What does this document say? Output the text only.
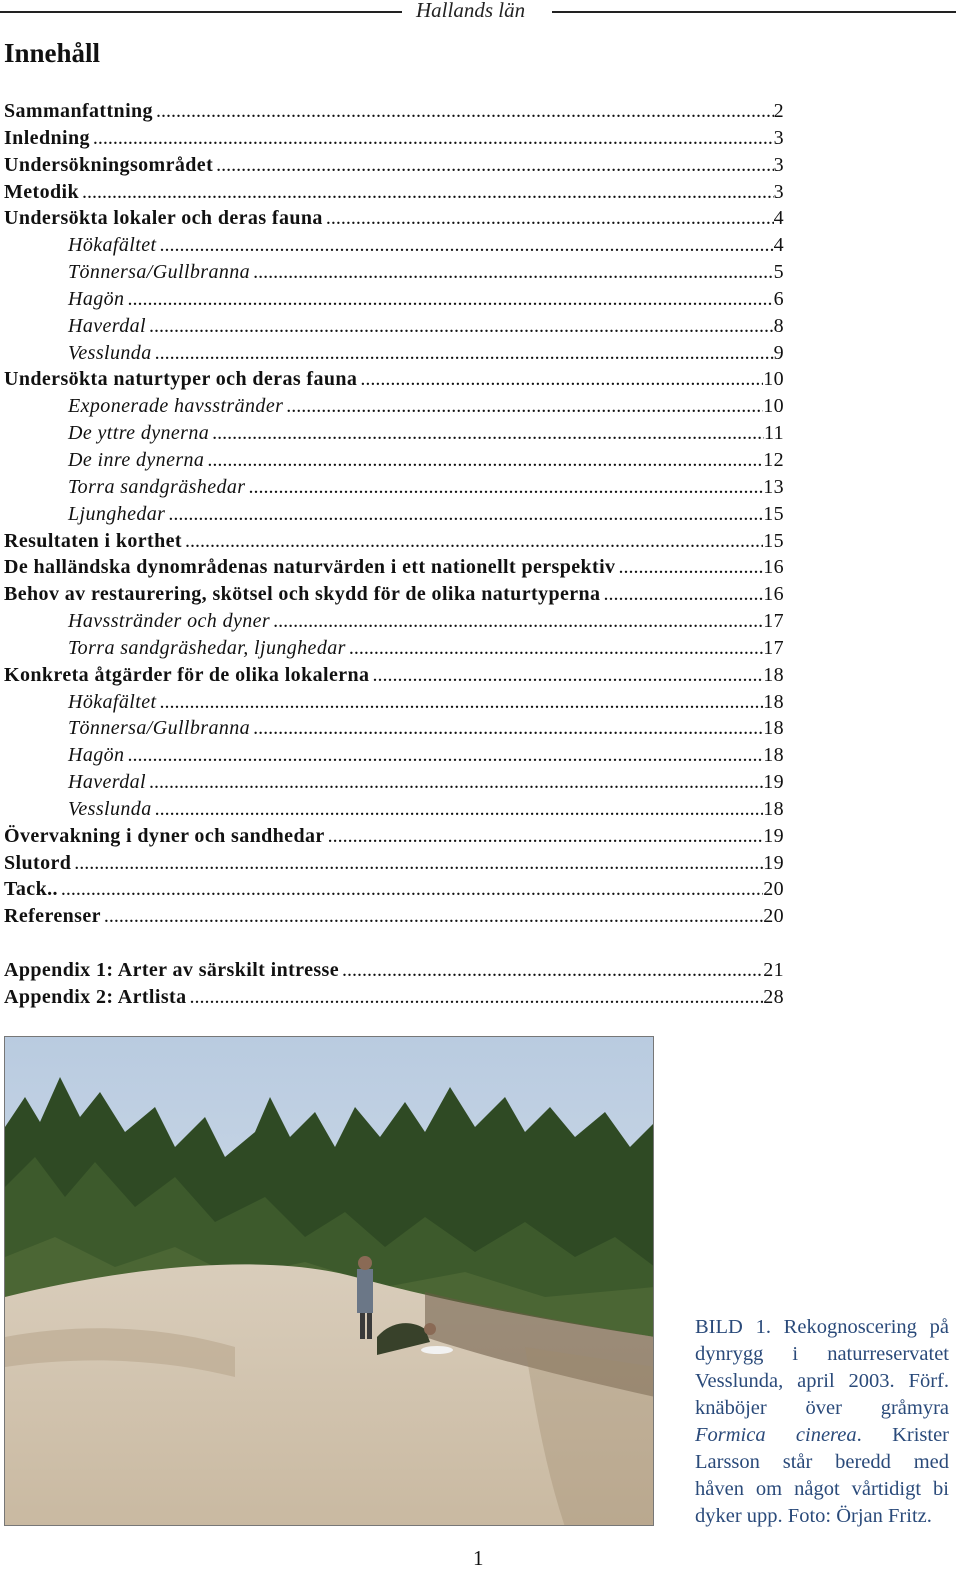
Hallands län
Innehåll
Sammanfattning .....	2
Inledning .....	3
Undersökningsområdet .....	3
Metodik .....	3
Undersökta lokaler och deras fauna .....	4
Hökafältet .....	4
Tönnersa/Gullbranna .....	5
Hagön .....	6
Haverdal .....	8
Vesslunda .....	9
Undersökta naturtyper och deras fauna .....	10
Exponerade havsstränder .....	10
De yttre dynerna .....	11
De inre dynerna .....	12
Torra sandgräshedar .....	13
Ljunghedar .....	15
Resultaten i korthet .....	15
De halländska dynområdenas naturvärden i ett nationellt perspektiv .....	16
Behov av restaurering, skötsel och skydd för de olika naturtyperna .....	16
Havsstränder och dyner .....	17
Torra sandgräshedar, ljunghedar .....	17
Konkreta åtgärder för de olika lokalerna .....	18
Hökafältet .....	18
Tönnersa/Gullbranna .....	18
Hagön .....	18
Haverdal .....	19
Vesslunda .....	18
Övervakning i dyner och sandhedar .....	19
Slutord .....	19
Tack.. .....	20
Referenser .....	20
Appendix 1: Arter av särskilt intresse .....	21
Appendix 2: Artlista .....	28
BILD 1. Rekognoscering på dynrygg i naturreservatet Vesslunda, april 2003. Förf. knäböjer över gråmyra Formica cinerea. Krister Larsson står beredd med håven om något vårtidigt bi dyker upp. Foto: Örjan Fritz.
1
